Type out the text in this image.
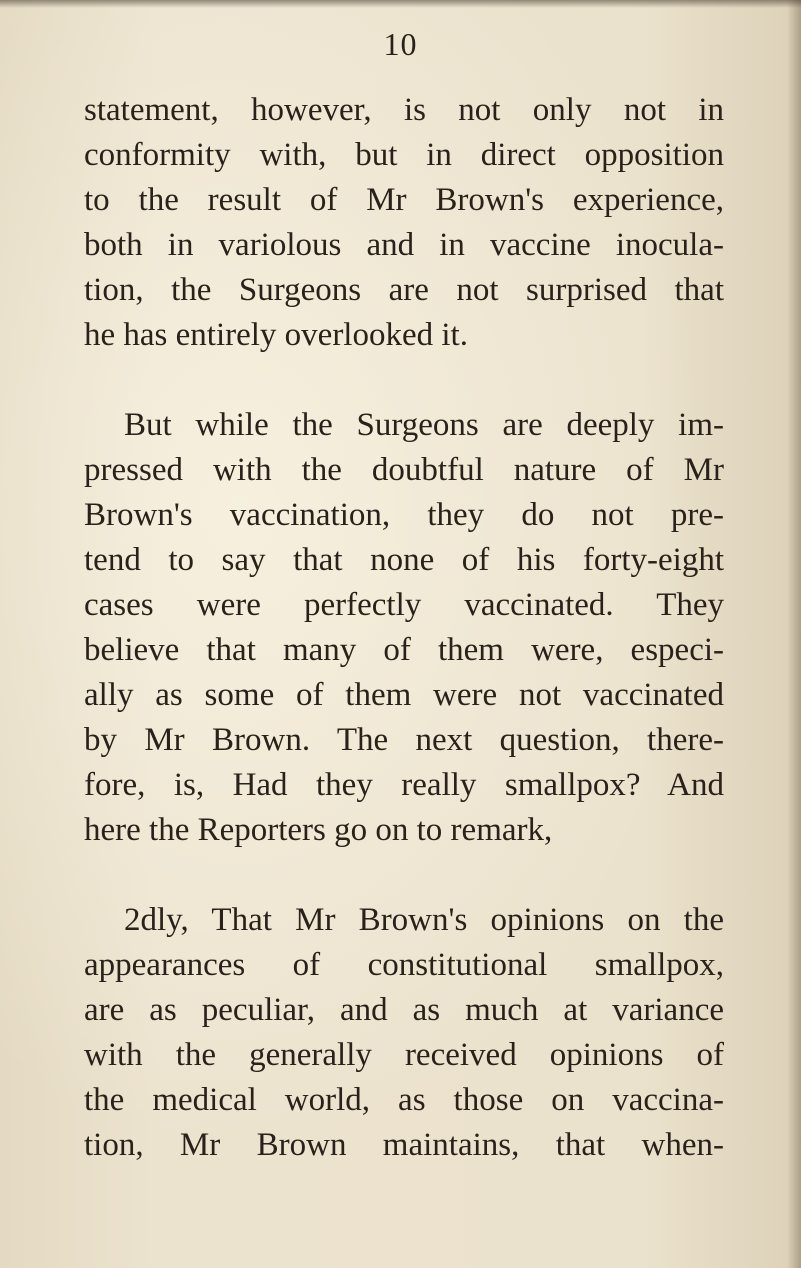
10
statement, however, is not only not in
conformity with, but in direct opposition
to the result of Mr Brown's experience,
both in variolous and in vaccine inocula-
tion, the Surgeons are not surprised that
he has entirely overlooked it.
But while the Surgeons are deeply im-
pressed with the doubtful nature of Mr
Brown's vaccination, they do not pre-
tend to say that none of his forty-eight
cases were perfectly vaccinated. They
believe that many of them were, especi-
ally as some of them were not vaccinated
by Mr Brown. The next question, there-
fore, is, Had they really smallpox? And
here the Reporters go on to remark,
2dly, That Mr Brown's opinions on the
appearances of constitutional smallpox,
are as peculiar, and as much at variance
with the generally received opinions of
the medical world, as those on vaccina-
tion, Mr Brown maintains, that when-
